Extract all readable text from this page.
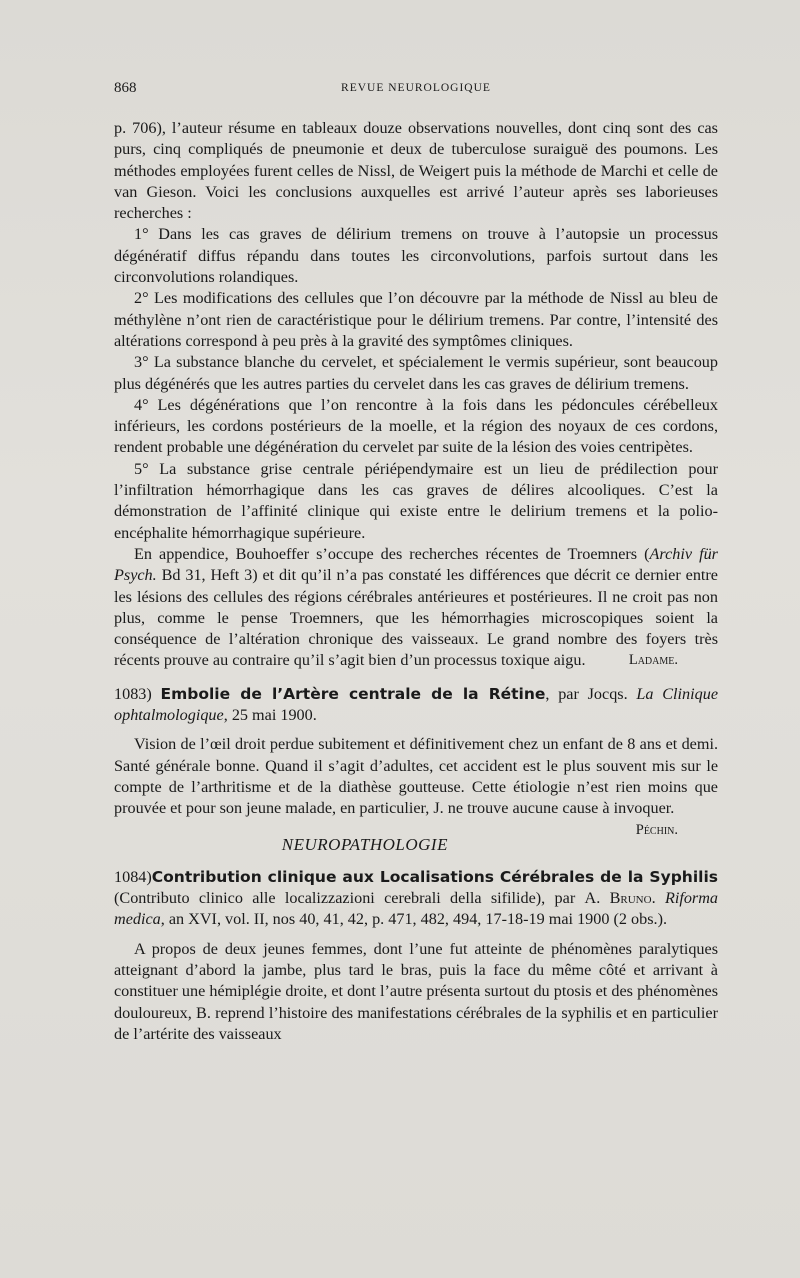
868	REVUE NEUROLOGIQUE

p. 706), l’auteur résume en tableaux douze observations nouvelles, dont cinq sont des cas purs, cinq compliqués de pneumonie et deux de tuberculose suraiguë des poumons. Les méthodes employées furent celles de Nissl, de Weigert puis la méthode de Marchi et celle de van Gieson. Voici les conclusions auxquelles est arrivé l’auteur après ses laborieuses recherches :

1° Dans les cas graves de délirium tremens on trouve à l’autopsie un processus dégénératif diffus répandu dans toutes les circonvolutions, parfois surtout dans les circonvolutions rolandiques.

2° Les modifications des cellules que l’on découvre par la méthode de Nissl au bleu de méthylène n’ont rien de caractéristique pour le délirium tremens. Par contre, l’intensité des altérations correspond à peu près à la gravité des symptômes cliniques.

3° La substance blanche du cervelet, et spécialement le vermis supérieur, sont beaucoup plus dégénérés que les autres parties du cervelet dans les cas graves de délirium tremens.

4° Les dégénérations que l’on rencontre à la fois dans les pédoncules cérébelleux inférieurs, les cordons postérieurs de la moelle, et la région des noyaux de ces cordons, rendent probable une dégénération du cervelet par suite de la lésion des voies centripètes.

5° La substance grise centrale périépendymaire est un lieu de prédilection pour l’infiltration hémorrhagique dans les cas graves de délires alcooliques. C’est la démonstration de l’affinité clinique qui existe entre le delirium tremens et la polio-encéphalite hémorrhagique supérieure.

En appendice, Bouhoeffer s’occupe des recherches récentes de Troemners (Archiv für Psych. Bd 31, Heft 3) et dit qu’il n’a pas constaté les différences que décrit ce dernier entre les lésions des cellules des régions cérébrales antérieures et postérieures. Il ne croit pas non plus, comme le pense Troemners, que les hémorrhagies microscopiques soient la conséquence de l’altération chronique des vaisseaux. Le grand nombre des foyers très récents prouve au contraire qu’il s’agit bien d’un processus toxique aigu.	Ladame.

1083) Embolie de l’Artère centrale de la Rétine, par Jocqs. La Clinique ophtalmologique, 25 mai 1900.

Vision de l’œil droit perdue subitement et définitivement chez un enfant de 8 ans et demi. Santé générale bonne. Quand il s’agit d’adultes, cet accident est le plus souvent mis sur le compte de l’arthritisme et de la diathèse goutteuse. Cette étiologie n’est rien moins que prouvée et pour son jeune malade, en particulier, J. ne trouve aucune cause à invoquer.
Péchin.

NEUROPATHOLOGIE

1084)Contribution clinique aux Localisations Cérébrales de la Syphilis (Contributo clinico alle localizzazioni cerebrali della sifilide), par A. Bruno. Riforma medica, an XVI, vol. II, nos 40, 41, 42, p. 471, 482, 494, 17-18-19 mai 1900 (2 obs.).

A propos de deux jeunes femmes, dont l’une fut atteinte de phénomènes paralytiques atteignant d’abord la jambe, plus tard le bras, puis la face du même côté et arrivant à constituer une hémiplégie droite, et dont l’autre présenta surtout du ptosis et des phénomènes douloureux, B. reprend l’histoire des manifestations cérébrales de la syphilis et en particulier de l’artérite des vaisseaux
